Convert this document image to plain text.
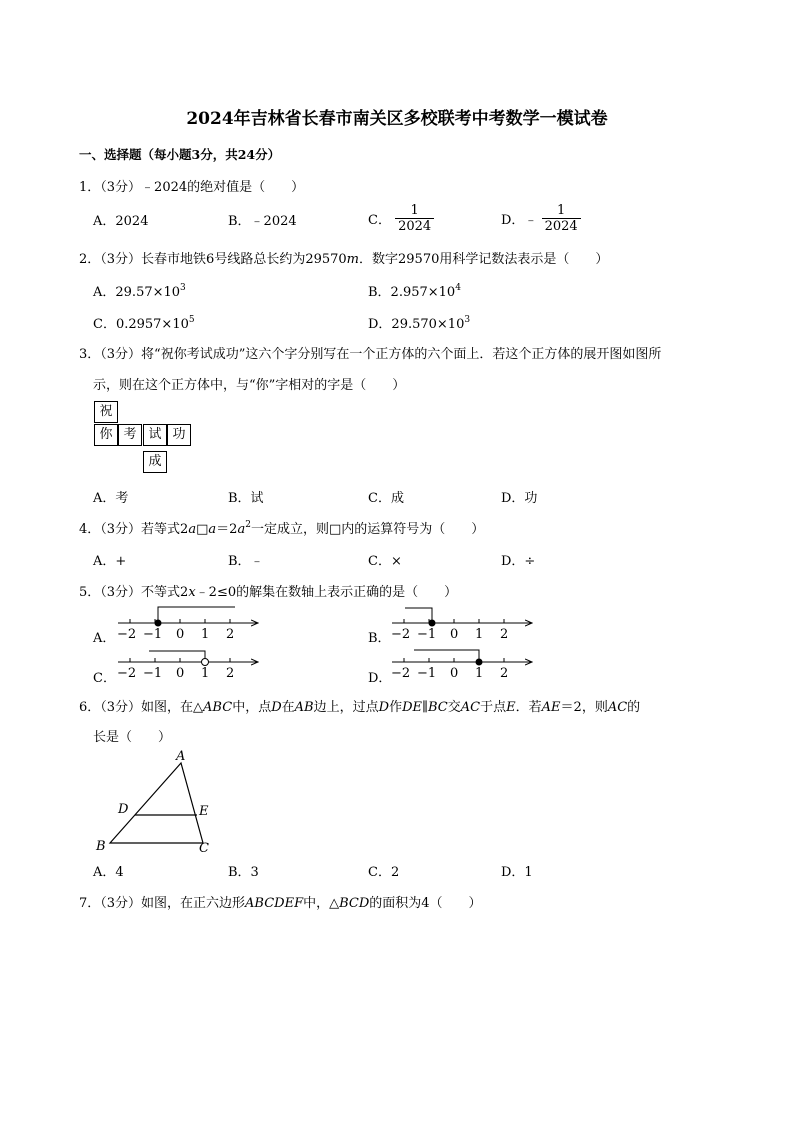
2024年吉林省长春市南关区多校联考中考数学一模试卷
一、选择题（每小题3分，共24分）
1．（3分）﹣2024的绝对值是（　　）
A．2024	B．﹣2024	C． $\frac{1}{2024}$	D．﹣ $\frac{1}{2024}$
2．（3分）长春市地铁6号线路总长约为29570m．数字29570用科学记数法表示是（　　）
A．$29.57\times 10^3$	B．$2.957\times 10^4$
C．$0.2957\times 10^5$	D．$29.570\times 10^3$
3．（3分）将“祝你考试成功”这六个字分别写在一个正方体的六个面上．若这个正方体的展开图如图所
示，则在这个正方体中，与“你”字相对的字是（　　）
祝
你 考 试 功
成
A．考	B．试	C．成	D．功
4．（3分）若等式$2a□a=2a^2$一定成立，则□内的运算符号为（　　）
A．+	B．﹣	C．×	D．÷
5．（3分）不等式2x﹣2≤0的解集在数轴上表示正确的是（　　）
A．	B．
C．	D．
−2 −1 0 1 2	−2 −1 0 1 2
−2 −1 0 1 2	−2 −1 0 1 2
6．（3分）如图，在△ABC中，点D在AB边上，过点D作DE∥BC交AC于点E．若AE＝2，则AC的
长是（　　）
A
B	C
D	E
A．4	B．3	C．2	D．1
7．（3分）如图，在正六边形ABCDEF中，△BCD的面积为4（　　）
